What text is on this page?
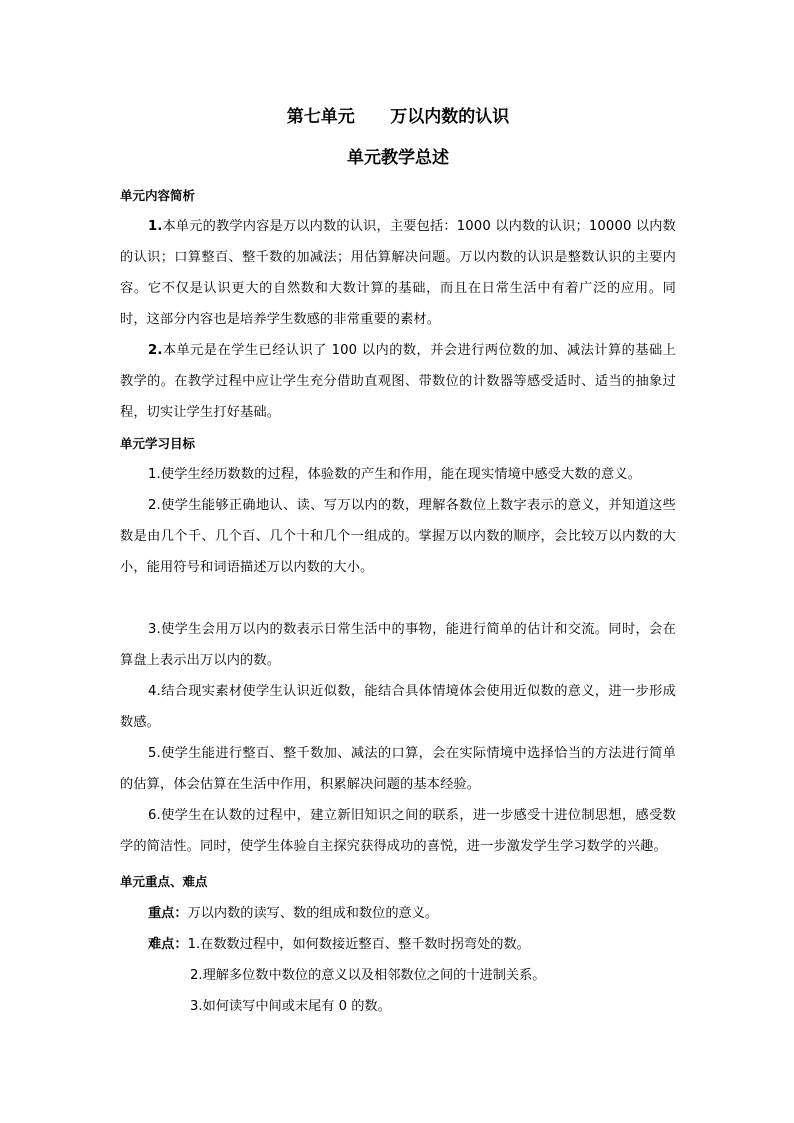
第七单元      万以内数的认识
单元教学总述
单元内容简析
1.本单元的教学内容是万以内数的认识，主要包括：1000 以内数的认识；10000 以内数的认识；口算整百、整千数的加减法；用估算解决问题。万以内数的认识是整数认识的主要内容。它不仅是认识更大的自然数和大数计算的基础，而且在日常生活中有着广泛的应用。同时，这部分内容也是培养学生数感的非常重要的素材。
2.本单元是在学生已经认识了 100 以内的数，并会进行两位数的加、减法计算的基础上教学的。在教学过程中应让学生充分借助直观图、带数位的计数器等感受适时、适当的抽象过程，切实让学生打好基础。
单元学习目标
1.使学生经历数数的过程，体验数的产生和作用，能在现实情境中感受大数的意义。
2.使学生能够正确地认、读、写万以内的数，理解各数位上数字表示的意义，并知道这些数是由几个千、几个百、几个十和几个一组成的。掌握万以内数的顺序，会比较万以内数的大小，能用符号和词语描述万以内数的大小。
3.使学生会用万以内的数表示日常生活中的事物，能进行简单的估计和交流。同时，会在算盘上表示出万以内的数。
4.结合现实素材使学生认识近似数，能结合具体情境体会使用近似数的意义，进一步形成数感。
5.使学生能进行整百、整千数加、减法的口算，会在实际情境中选择恰当的方法进行简单的估算，体会估算在生活中作用，积累解决问题的基本经验。
6.使学生在认数的过程中，建立新旧知识之间的联系，进一步感受十进位制思想，感受数学的简洁性。同时，使学生体验自主探究获得成功的喜悦，进一步激发学生学习数学的兴趣。
单元重点、难点
重点：万以内数的读写、数的组成和数位的意义。
难点：1.在数数过程中，如何数接近整百、整千数时拐弯处的数。
2.理解多位数中数位的意义以及相邻数位之间的十进制关系。
3.如何读写中间或末尾有 0 的数。
